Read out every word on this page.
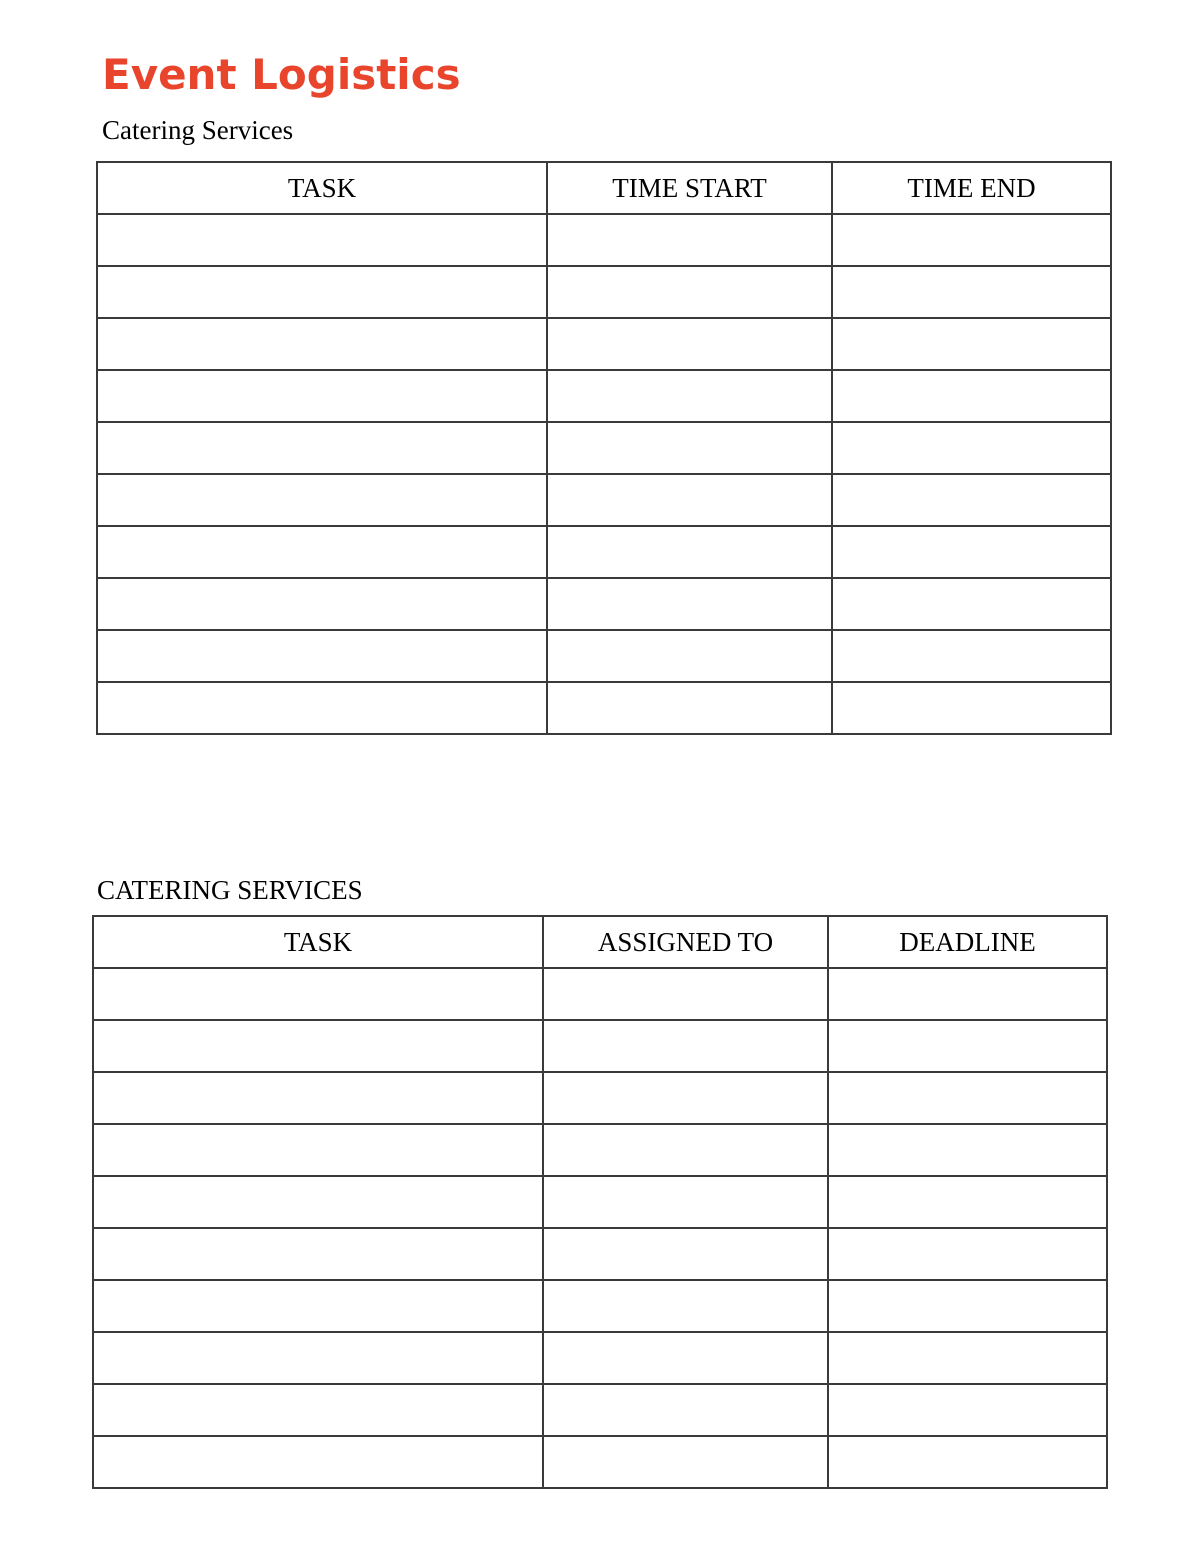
Event Logistics
Catering Services
TASK	TIME START	TIME END

CATERING SERVICES
TASK	ASSIGNED TO	DEADLINE
